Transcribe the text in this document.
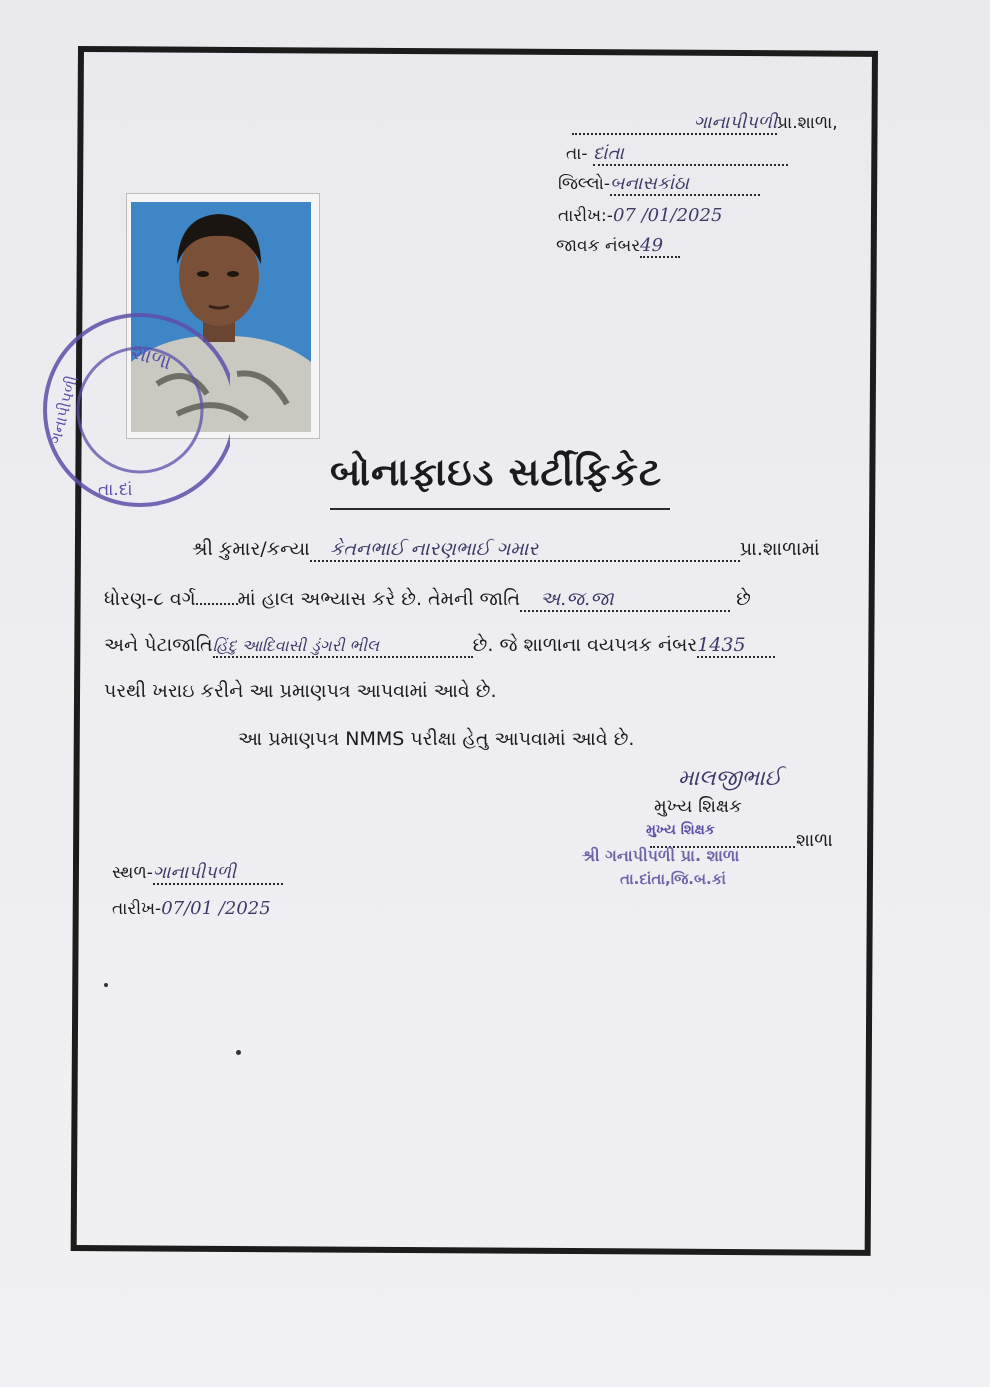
ગાનાપીપળીપ્રા.શાળા,
તા- દાંતા
જિલ્લો-બનાસકાંઠા
તારીખ:-07 /01/2025
જાવક નંબર49
શાળા
ગનાપીપળી
તા.દાં	બોનાફાઇડ સર્ટીફિકેટ
શ્રી કુમાર/કન્યા કેતનભાઈ નારણભાઈ ગમાર	પ્રા.શાળામાં
ધોરણ-૮ વર્ગ માં હાલ અભ્યાસ કરે છે. તેમની જાતિ અ.જ.જા	છે
અને પેટાજાતિહિંદુ આદિવાસી ડુંગરી ભીલ	છે. જે શાળાના વયપત્રક નંબર1435
પરથી ખરાઇ કરીને આ પ્રમાણપત્ર આપવામાં આવે છે.
આ પ્રમાણપત્ર NMMS પરીક્ષા હેતુ આપવામાં આવે છે.
માલજીભાઈ
મુખ્ય શિક્ષક
મુખ્ય શિક્ષક	શાળા
શ્રી ગનાપીપળી પ્રા. શાળા
તા.દાંતા,જિ.બ.કાં
સ્થળ-ગાનાપીપળી
તારીખ-07/01 /2025
